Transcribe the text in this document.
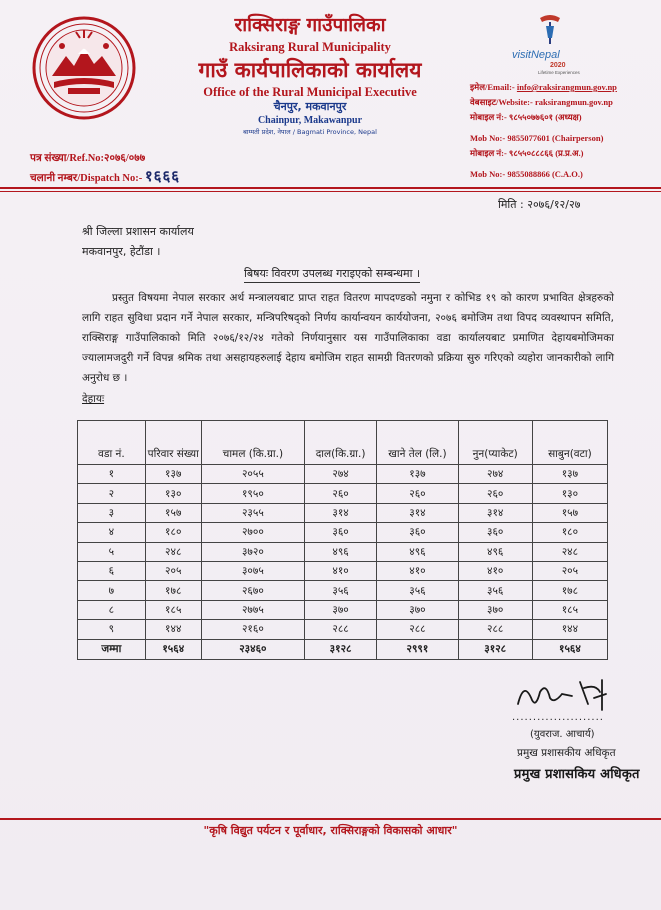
राक्सिराङ्ग गाउँपालिका
Raksirang Rural Municipality
गाउँ कार्यपालिकाको कार्यालय
Office of the Rural Municipal Executive
चैनपुर, मकवानपुर
Chainpur, Makawanpur
बाग्मती प्रदेश, नेपाल / Bagmati Province, Nepal
visitNepal
2020
Lifetime Experiences
इमेल/Email:- info@raksirangmun.gov.np
वेबसाइट/Website:- raksirangmun.gov.np
मोबाइल नं:- ९८५५०७७६०१ (अध्यक्ष)
Mob No:- 9855077601 (Chairperson)
मोबाइल नं:- ९८५५०८८८६६ (प्र.प्र.अ.)
Mob No:- 9855088866 (C.A.O.)
पत्र संख्या/Ref.No:२०७६/०७७
चलानी नम्बर/Dispatch No:- १६६६
मिति : २०७६/१२/२७
श्री जिल्ला प्रशासन कार्यालय
मकवानपुर, हेटौंडा ।
बिषयः विवरण उपलब्ध गराइएको सम्बन्धमा ।
प्रस्तुत विषयमा नेपाल सरकार अर्थ मन्त्रालयबाट प्राप्त राहत वितरण मापदण्डको नमुना र कोभिड १९ को कारण प्रभावित क्षेत्रहरुको लागि राहत सुविधा प्रदान गर्ने नेपाल सरकार, मन्त्रिपरिषद्को निर्णय कार्यान्वयन कार्ययोजना, २०७६ बमोजिम तथा विपद व्यवस्थापन समिति, राक्सिराङ्ग गाउँपालिकाको मिति २०७६/१२/२४ गतेको निर्णयानुसार यस गाउँपालिकाका वडा कार्यालयबाट प्रमाणित देहायबमोजिमका ज्यालामजदुरी गर्ने विपन्न श्रमिक तथा असहायहरुलाई देहाय बमोजिम राहत सामग्री वितरणको प्रक्रिया सुरु गरिएको व्यहोरा जानकारीको लागि अनुरोध छ ।
देहायः
वडा नं.	परिवार संख्या	चामल (कि.ग्रा.)	दाल(कि.ग्रा.)	खाने तेल (लि.)	नुन(प्याकेट)	साबुन(वटा)
१	१३७	२०५५	२७४	१३७	२७४	१३७
२	१३०	१९५०	२६०	२६०	२६०	१३०
३	१५७	२३५५	३१४	३१४	३१४	१५७
४	१८०	२७००	३६०	३६०	३६०	१८०
५	२४८	३७२०	४९६	४९६	४९६	२४८
६	२०५	३०७५	४१०	४१०	४१०	२०५
७	१७८	२६७०	३५६	३५६	३५६	१७८
८	१८५	२७७५	३७०	३७०	३७०	१८५
९	१४४	२१६०	२८८	२८८	२८८	१४४
जम्मा	१५६४	२३४६०	३१२८	२९९१	३१२८	१५६४
......................
(युवराज. आचार्य)
प्रमुख प्रशासकीय अधिकृत
प्रमुख प्रशासकिय अधिकृत
"कृषि विद्युत पर्यटन र पूर्वाधार, राक्सिराङ्गको विकासको आधार"
